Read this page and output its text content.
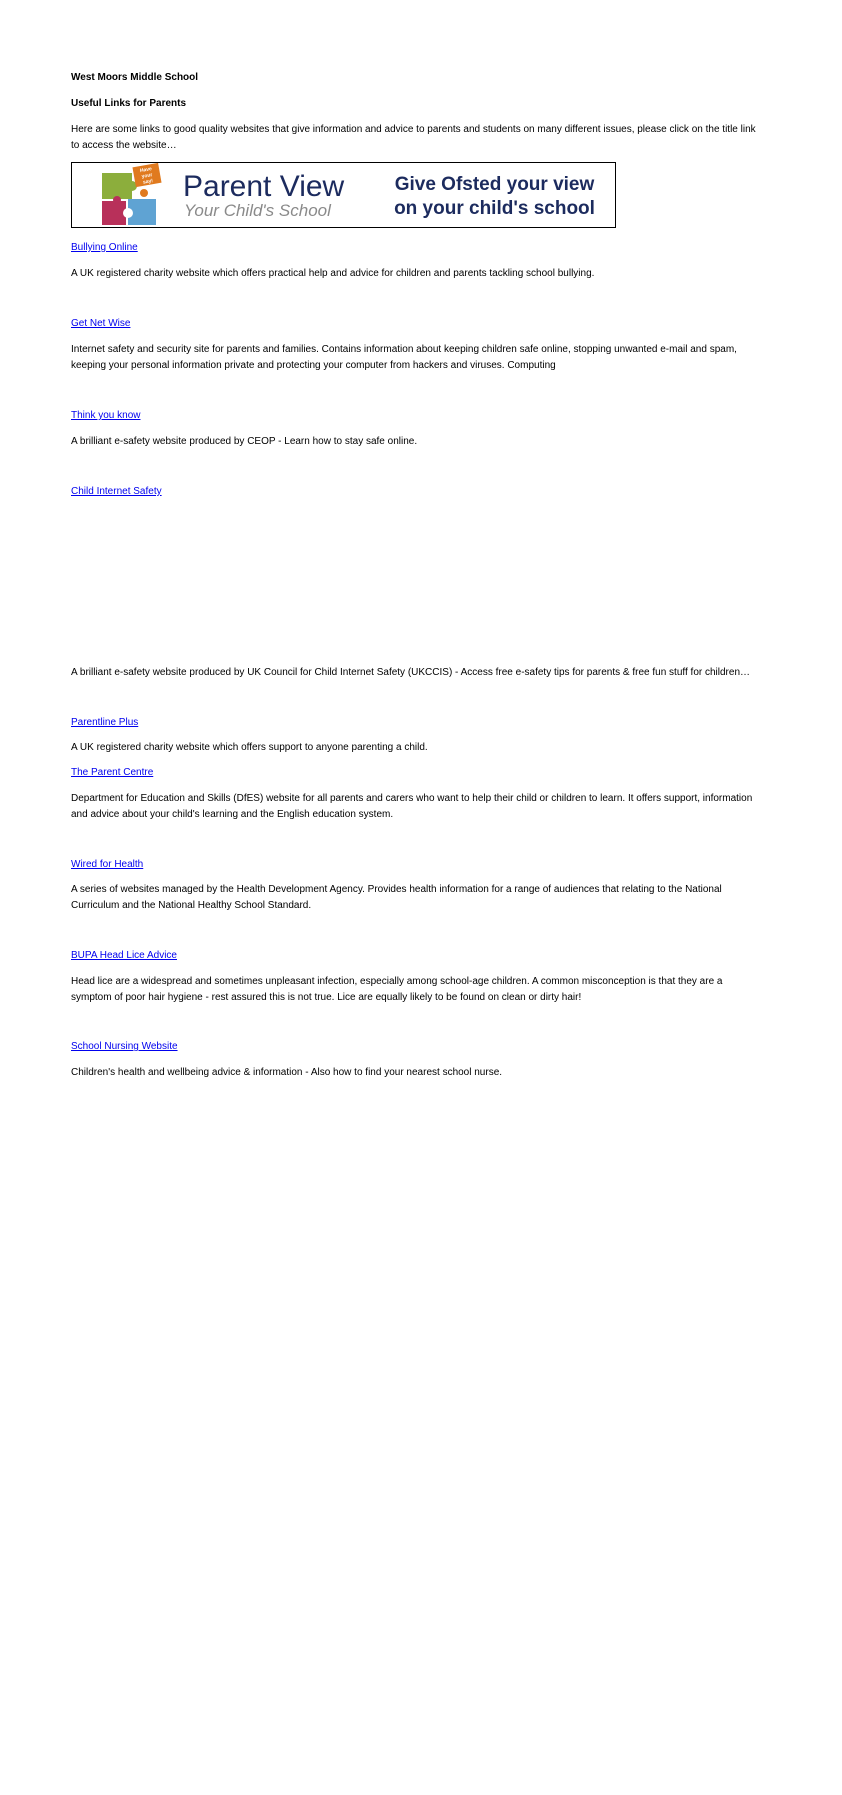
West Moors Middle School
Useful Links for Parents
Here are some links to good quality websites that give information and advice to parents and students on many different issues, please click on the title link
to access the website…
Have your say! Parent View
Your Child's School
Give Ofsted your view
on your child's school
Bullying Online
A UK registered charity website which offers practical help and advice for children and parents tackling school bullying.
Get Net Wise
Internet safety and security site for parents and families. Contains information about keeping children safe online, stopping unwanted e-mail and spam,
keeping your personal information private and protecting your computer from hackers and viruses. Computing
Think you know
A brilliant e-safety website produced by CEOP - Learn how to stay safe online.
Child Internet Safety
A brilliant e-safety website produced by UK Council for Child Internet Safety (UKCCIS) - Access free e-safety tips for parents & free fun stuff for children…
Parentline Plus
A UK registered charity website which offers support to anyone parenting a child.
The Parent Centre
Department for Education and Skills (DfES) website for all parents and carers who want to help their child or children to learn. It offers support, information
and advice about your child's learning and the English education system.
Wired for Health
A series of websites managed by the Health Development Agency. Provides health information for a range of audiences that relating to the National
Curriculum and the National Healthy School Standard.
BUPA Head Lice Advice
Head lice are a widespread and sometimes unpleasant infection, especially among school-age children. A common misconception is that they are a
symptom of poor hair hygiene - rest assured this is not true. Lice are equally likely to be found on clean or dirty hair!
School Nursing Website
Children's health and wellbeing advice & information - Also how to find your nearest school nurse.
